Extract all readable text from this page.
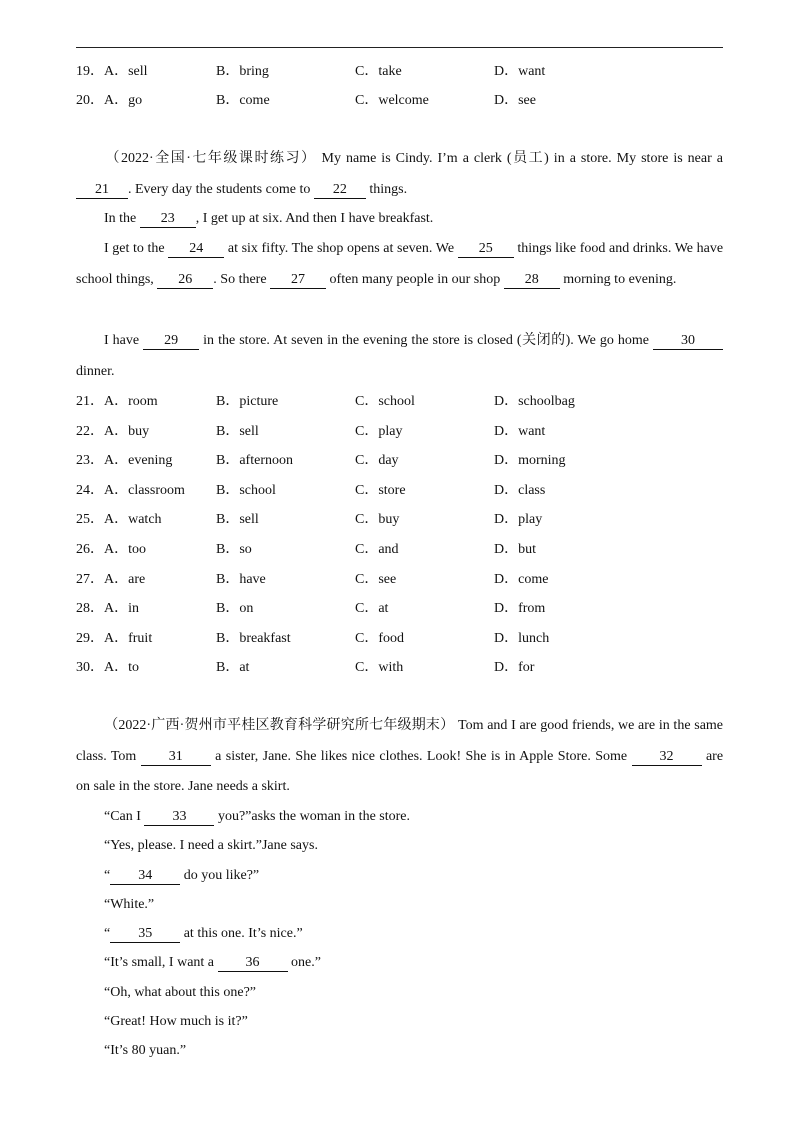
19． A．sell	B．bring	C．take	D．want
20． A．go	B．come	C．welcome	D．see
（2022·全国·七年级课时练习） My name is Cindy. I’m a clerk (员工) in a store. My store is near a 21 . Every day the students come to 22 things.
In the 23 , I get up at six. And then I have breakfast.
I get to the 24 at six fifty. The shop opens at seven. We 25 things like food and drinks. We have school things, 26 . So there 27 often many people in our shop 28 morning to evening.
I have 29 in the store. At seven in the evening the store is closed (关闭的). We go home 30 dinner.
21． A．room	B．picture	C．school	D．schoolbag
22． A．buy	B．sell	C．play	D．want
23． A．evening	B．afternoon	C．day	D．morning
24． A．classroom B．school	C．store	D．class
25． A．watch	B．sell	C．buy	D．play
26． A．too	B．so	C．and	D．but
27． A．are	B．have	C．see	D．come
28． A．in	B．on	C．at	D．from
29． A．fruit	B．breakfast	C．food	D．lunch
30． A．to	B．at	C．with	D．for
（2022·广西·贺州市平桂区教育科学研究所七年级期末） Tom and I are good friends, we are in the same class. Tom 31 a sister, Jane. She likes nice clothes. Look! She is in Apple Store. Some 32 are on sale in the store. Jane needs a skirt.
“Can I 33 you?”asks the woman in the store.
“Yes, please. I need a skirt.”Jane says.
“ 34 do you like?”
“White.”
“ 35 at this one. It’s nice.”
“It’s small, I want a 36 one.”
“Oh, what about this one?”
“Great! How much is it?”
“It’s 80 yuan.”
